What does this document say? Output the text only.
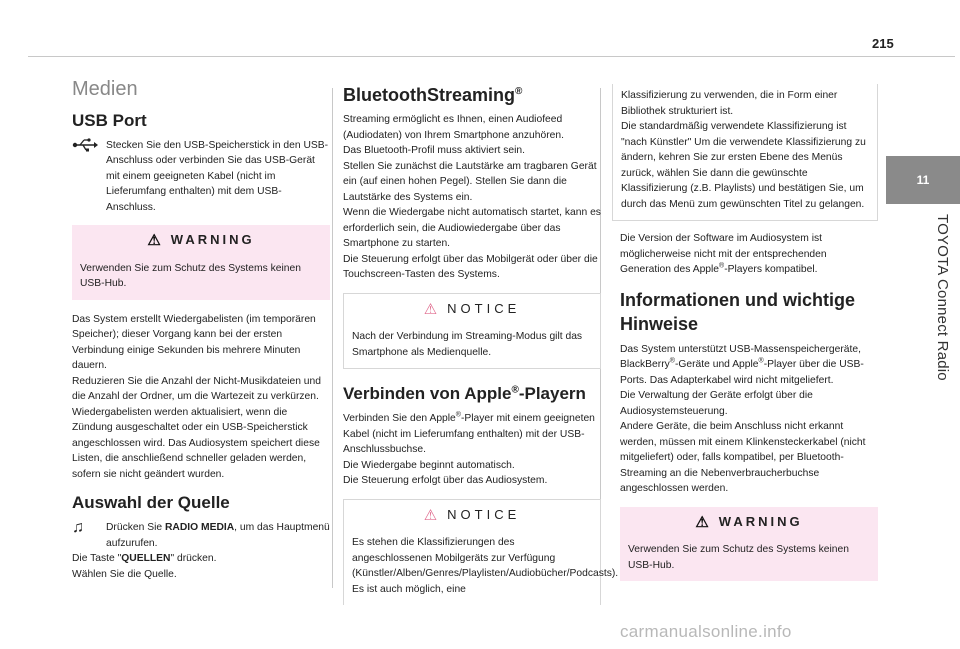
215
11
TOYOTA Connect Radio
Medien
USB Port

Stecken Sie den USB-Speicherstick in den USB-Anschluss oder verbinden Sie das USB-Gerät mit einem geeigneten Kabel (nicht im Lieferumfang enthalten) mit dem USB-Anschluss.

⚠ WARNING

Verwenden Sie zum Schutz des Systems keinen USB-Hub.

Das System erstellt Wiedergabelisten (im temporären Speicher); dieser Vorgang kann bei der ersten Verbindung einige Sekunden bis mehrere Minuten dauern.

Reduzieren Sie die Anzahl der Nicht-Musikdateien und die Anzahl der Ordner, um die Wartezeit zu verkürzen.

Wiedergabelisten werden aktualisiert, wenn die Zündung ausgeschaltet oder ein USB-Speicherstick angeschlossen wird. Das Audiosystem speichert diese Listen, die anschließend schneller geladen werden, sofern sie nicht geändert wurden.

Auswahl der Quelle

♫ Drücken Sie RADIO MEDIA, um das Hauptmenü aufzurufen.

Die Taste "QUELLEN" drücken.

Wählen Sie die Quelle.

BluetoothStreaming®

Streaming ermöglicht es Ihnen, einen Audiofeed (Audiodaten) von Ihrem Smartphone anzuhören.

Das Bluetooth-Profil muss aktiviert sein.

Stellen Sie zunächst die Lautstärke am tragbaren Gerät ein (auf einen hohen Pegel). Stellen Sie dann die Lautstärke des Systems ein.

Wenn die Wiedergabe nicht automatisch startet, kann es erforderlich sein, die Audiowiedergabe über das Smartphone zu starten.

Die Steuerung erfolgt über das Mobilgerät oder über die Touchscreen-Tasten des Systems.

⚠ NOTICE

Nach der Verbindung im Streaming-Modus gilt das Smartphone als Medienquelle.

Verbinden von Apple®-Playern

Verbinden Sie den Apple®-Player mit einem geeigneten Kabel (nicht im Lieferumfang enthalten) mit der USB-Anschlussbuchse.

Die Wiedergabe beginnt automatisch.

Die Steuerung erfolgt über das Audiosystem.

⚠ NOTICE

Es stehen die Klassifizierungen des angeschlossenen Mobilgeräts zur Verfügung (Künstler/Alben/Genres/Playlisten/Audiobücher/Podcasts). Es ist auch möglich, eine

Klassifizierung zu verwenden, die in Form einer Bibliothek strukturiert ist.

Die standardmäßig verwendete Klassifizierung ist "nach Künstler" Um die verwendete Klassifizierung zu ändern, kehren Sie zur ersten Ebene des Menüs zurück, wählen Sie dann die gewünschte Klassifizierung (z.B. Playlists) und bestätigen Sie, um durch das Menü zum gewünschten Titel zu gelangen.

Die Version der Software im Audiosystem ist möglicherweise nicht mit der entsprechenden Generation des Apple®-Players kompatibel.

Informationen und wichtige Hinweise

Das System unterstützt USB-Massenspeichergeräte, BlackBerry®-Geräte und Apple®-Player über die USB-Ports. Das Adapterkabel wird nicht mitgeliefert.

Die Verwaltung der Geräte erfolgt über die Audiosystemsteuerung.

Andere Geräte, die beim Anschluss nicht erkannt werden, müssen mit einem Klinkensteckerkabel (nicht mitgeliefert) oder, falls kompatibel, per Bluetooth-Streaming an die Nebenverbraucherbuchse angeschlossen werden.

⚠ WARNING

Verwenden Sie zum Schutz des Systems keinen USB-Hub.

carmanualsonline.info
